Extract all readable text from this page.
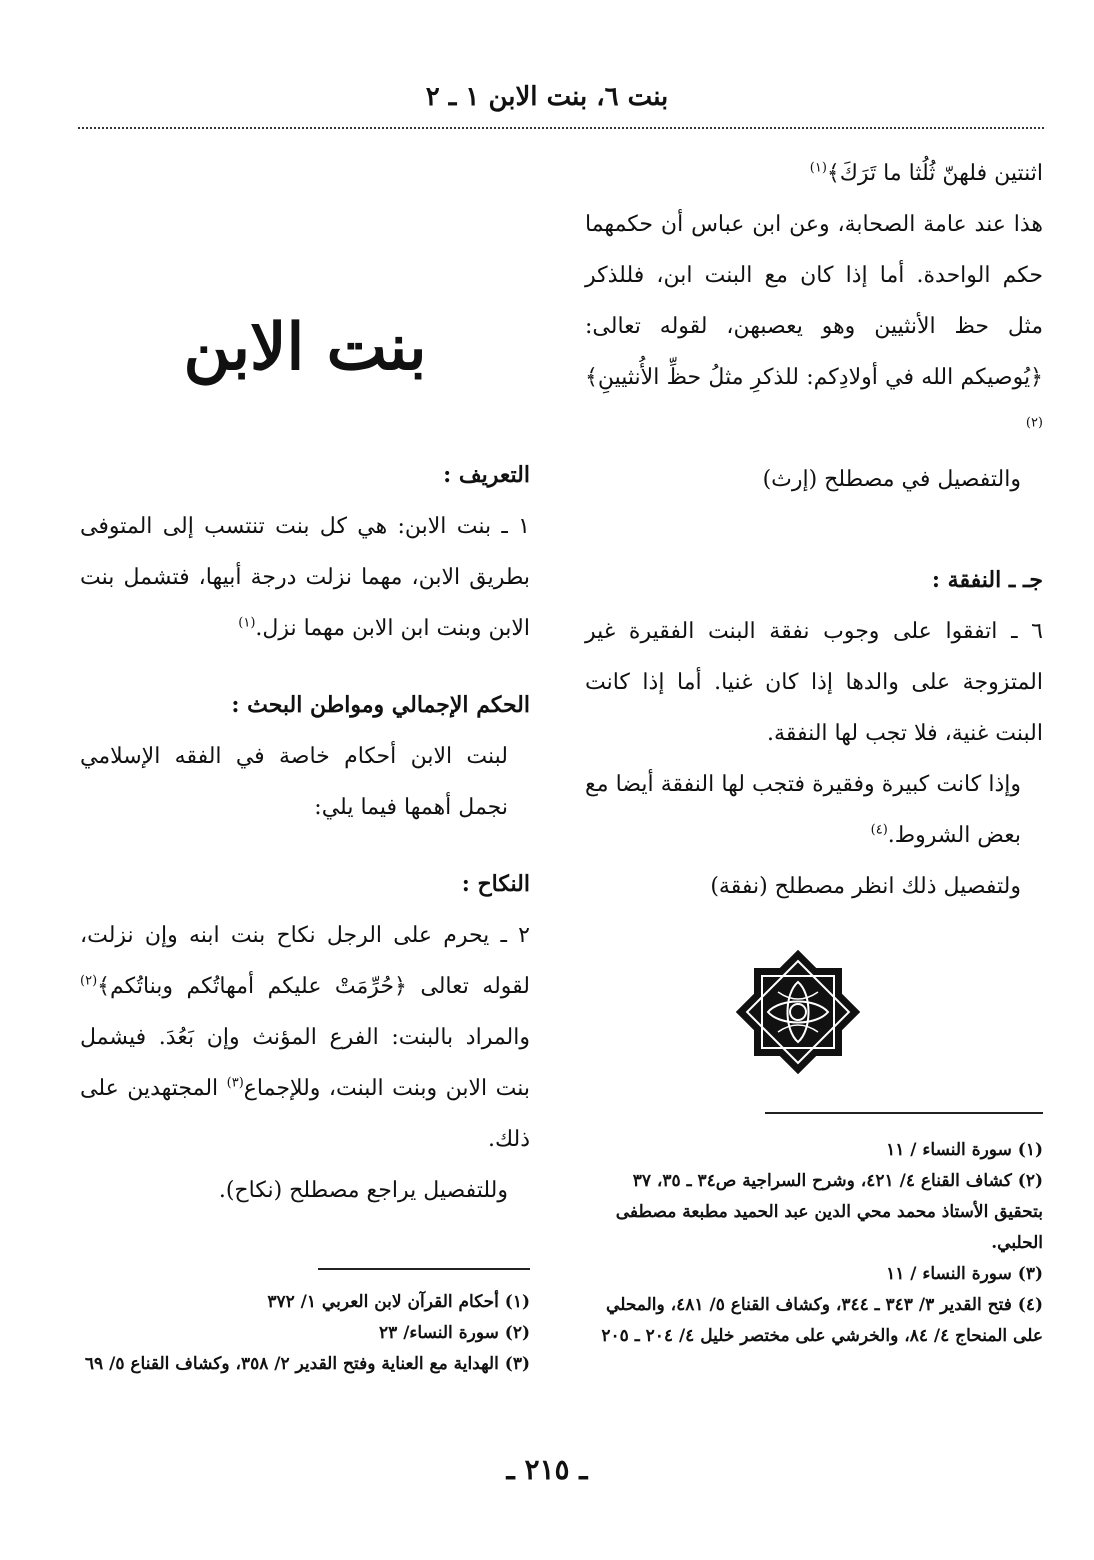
بنت ٦، بنت الابن ١ ـ ٢

اثنتين فلهنّ ثُلُثا ما تَرَكَ﴾$^{(١)}$

هذا عند عامة الصحابة، وعن ابن عباس أن حكمهما حكم الواحدة. أما إذا كان مع البنت ابن، فللذكر مثل حظ الأنثيين وهو يعصبهن، لقوله تعالى: ﴿يُوصيكم الله في أولادِكم: للذكرِ مثلُ حظِّ الأُنثيينِ﴾$^{(٢)}$

والتفصيل في مصطلح (إرث)

جـ ـ النفقة :

٦ ـ اتفقوا على وجوب نفقة البنت الفقيرة غير المتزوجة على والدها إذا كان غنيا. أما إذا كانت البنت غنية، فلا تجب لها النفقة.

وإذا كانت كبيرة وفقيرة فتجب لها النفقة أيضا مع بعض الشروط.$^{(٤)}$

ولتفصيل ذلك انظر مصطلح (نفقة)

(١) سورة النساء / ١١

(٢) كشاف القناع ٤/ ٤٢١، وشرح السراجية ص٣٤ ـ ٣٥، ٣٧ بتحقيق الأستاذ محمد محي الدين عبد الحميد مطبعة مصطفى الحلبي.

(٣) سورة النساء / ١١

(٤) فتح القدير ٣/ ٣٤٣ ـ ٣٤٤، وكشاف القناع ٥/ ٤٨١، والمحلي على المنحاج ٤/ ٨٤، والخرشي على مختصر خليل ٤/ ٢٠٤ ـ ٢٠٥

بنت الابن

التعريف :

١ ـ بنت الابن: هي كل بنت تنتسب إلى المتوفى بطريق الابن، مهما نزلت درجة أبيها، فتشمل بنت الابن وبنت ابن الابن مهما نزل.$^{(١)}$

الحكم الإجمالي ومواطن البحث :

لبنت الابن أحكام خاصة في الفقه الإسلامي نجمل أهمها فيما يلي:

النكاح :

٢ ـ يحرم على الرجل نكاح بنت ابنه وإن نزلت، لقوله تعالى ﴿حُرِّمَتْ عليكم أمهاتُكم وبناتُكم﴾$^{(٢)}$ والمراد بالبنت: الفرع المؤنث وإن بَعُدَ. فيشمل بنت الابن وبنت البنت، وللإجماع$^{(٣)}$ المجتهدين على ذلك.

وللتفصيل يراجع مصطلح (نكاح).

(١) أحكام القرآن لابن العربي ١/ ٣٧٢

(٢) سورة النساء/ ٢٣

(٣) الهداية مع العناية وفتح القدير ٢/ ٣٥٨، وكشاف القناع ٥/ ٦٩

ـ ٢١٥ ـ
